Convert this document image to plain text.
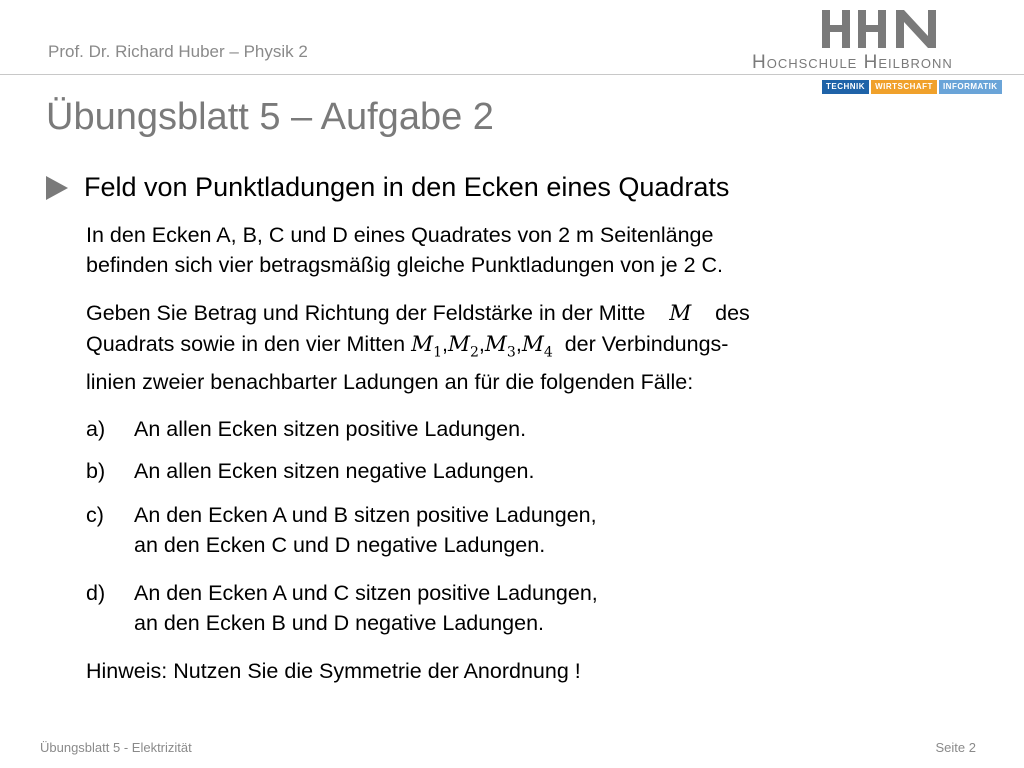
Prof. Dr. Richard Huber – Physik 2
Hochschule Heilbronn
TECHNIK	WIRTSCHAFT	INFORMATIK
Übungsblatt 5 – Aufgabe 2
Feld von Punktladungen in den Ecken eines Quadrats
In den Ecken A, B, C und D eines Quadrates von 2 m Seitenlänge
befinden sich vier betragsmäßig gleiche Punktladungen von je 2 C.
Geben Sie Betrag und Richtung der Feldstärke in der Mitte M des
Quadrats sowie in den vier Mitten $M_1,M_2,M_3,M_4$ der Verbindungs-
linien zweier benachbarter Ladungen an für die folgenden Fälle:
a) An allen Ecken sitzen positive Ladungen.
b) An allen Ecken sitzen negative Ladungen.
c) An den Ecken A und B sitzen positive Ladungen,
an den Ecken C und D negative Ladungen.
d) An den Ecken A und C sitzen positive Ladungen,
an den Ecken B und D negative Ladungen.
Hinweis: Nutzen Sie die Symmetrie der Anordnung !
Übungsblatt 5 - Elektrizität	Seite 2
